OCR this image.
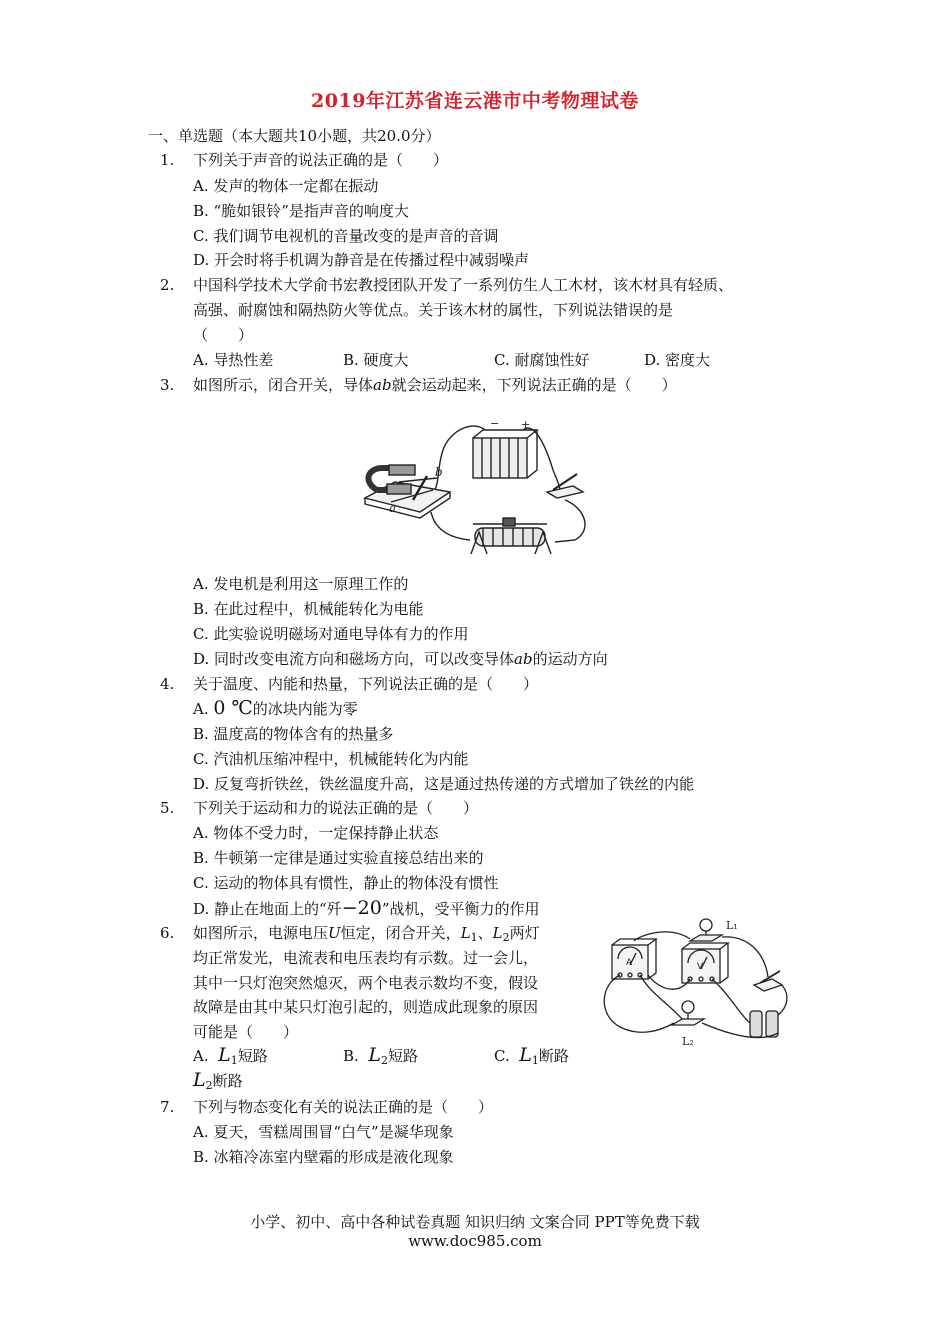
2019年江苏省连云港市中考物理试卷
一、单选题（本大题共10小题，共20.0分）
1. 下列关于声音的说法正确的是（　　）
A. 发声的物体一定都在振动
B. “脆如银铃”是指声音的响度大
C. 我们调节电视机的音量改变的是声音的音调
D. 开会时将手机调为静音是在传播过程中减弱噪声
2. 中国科学技术大学俞书宏教授团队开发了一系列仿生人工木材，该木材具有轻质、
高强、耐腐蚀和隔热防火等优点。关于该木材的属性，下列说法错误的是
（　　）
A. 导热性差	B. 硬度大	C. 耐腐蚀性好	D. 密度大
3. 如图所示，闭合开关，导体ab就会运动起来，下列说法正确的是（　　）
− +
b
a
A. 发电机是利用这一原理工作的
B. 在此过程中，机械能转化为电能
C. 此实验说明磁场对通电导体有力的作用
D. 同时改变电流方向和磁场方向，可以改变导体ab的运动方向
4. 关于温度、内能和热量，下列说法正确的是（　　）
A. 0 ℃的冰块内能为零
B. 温度高的物体含有的热量多
C. 汽油机压缩冲程中，机械能转化为内能
D. 反复弯折铁丝，铁丝温度升高，这是通过热传递的方式增加了铁丝的内能
5. 下列关于运动和力的说法正确的是（　　）
A. 物体不受力时，一定保持静止状态
B. 牛顿第一定律是通过实验直接总结出来的
C. 运动的物体具有惯性，静止的物体没有惯性
D. 静止在地面上的“歼−20”战机，受平衡力的作用
6. 如图所示，电源电压U恒定，闭合开关，$L_1$、$L_2$两灯
均正常发光，电流表和电压表均有示数。过一会儿，
其中一只灯泡突然熄灭，两个电表示数均不变，假设
故障是由其中某只灯泡引起的，则造成此现象的原因
可能是（　　）
A. $L_1$短路	B. $L_2$短路	C. $L_1$断路
$L_2$断路
L₁
L₂
A	V
7. 下列与物态变化有关的说法正确的是（　　）
A. 夏天，雪糕周围冒“白气”是凝华现象
B. 冰箱冷冻室内壁霜的形成是液化现象
小学、初中、高中各种试卷真题 知识归纳 文案合同 PPT等免费下载
www.doc985.com
